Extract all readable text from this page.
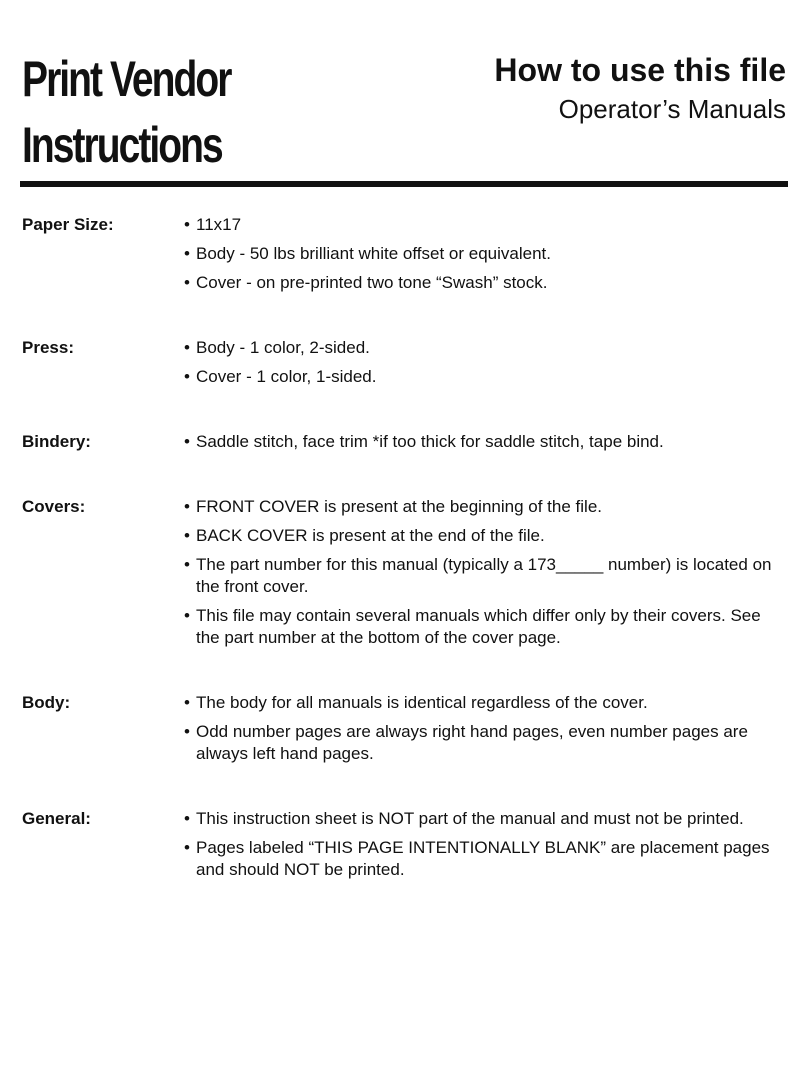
Print Vendor
Instructions
How to use this file
Operator’s Manuals
Paper Size:	• 11x17
• Body - 50 lbs brilliant white offset or equivalent.
• Cover - on pre-printed two tone “Swash” stock.
Press:	• Body - 1 color, 2-sided.
• Cover - 1 color, 1-sided.
Bindery:	• Saddle stitch, face trim *if too thick for saddle stitch, tape bind.
Covers:	• FRONT COVER is present at the beginning of the file.
• BACK COVER is present at the end of the file.
• The part number for this manual (typically a 173_____ number) is located on the front cover.
• This file may contain several manuals which differ only by their covers. See the part number at the bottom of the cover page.
Body:	• The body for all manuals is identical regardless of the cover.
• Odd number pages are always right hand pages, even number pages are always left hand pages.
General:	• This instruction sheet is NOT part of the manual and must not be printed.
• Pages labeled “THIS PAGE INTENTIONALLY BLANK” are placement pages and should NOT be printed.
